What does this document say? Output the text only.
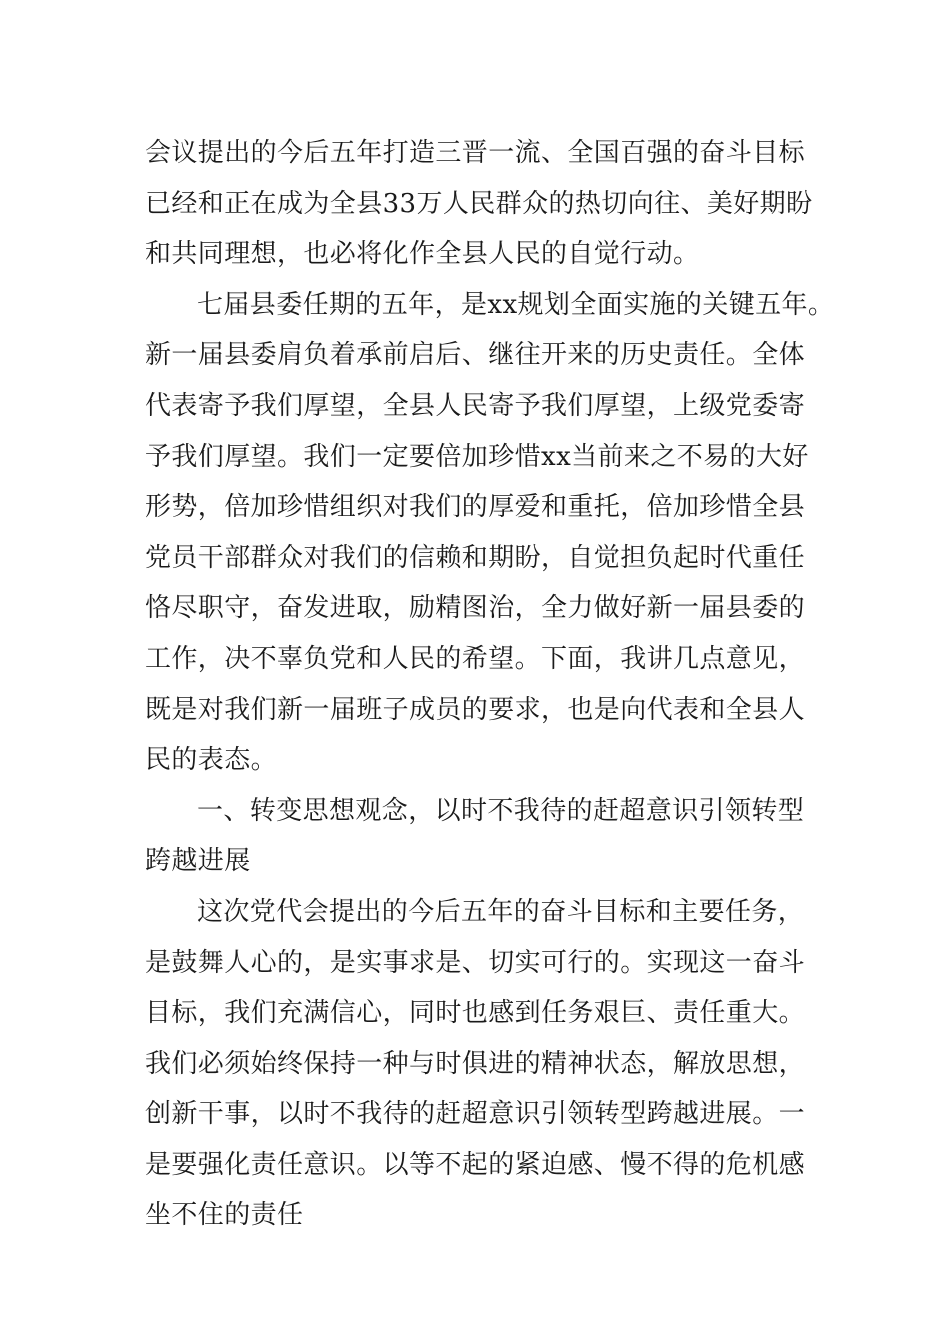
会议提出的今后五年打造三晋一流、全国百强的奋斗目标
已经和正在成为全县33万人民群众的热切向往、美好期盼
和共同理想，也必将化作全县人民的自觉行动。
七届县委任期的五年，是xx规划全面实施的关键五年。
新一届县委肩负着承前启后、继往开来的历史责任。全体
代表寄予我们厚望，全县人民寄予我们厚望，上级党委寄
予我们厚望。我们一定要倍加珍惜xx当前来之不易的大好
形势，倍加珍惜组织对我们的厚爱和重托，倍加珍惜全县
党员干部群众对我们的信赖和期盼，自觉担负起时代重任
恪尽职守，奋发进取，励精图治，全力做好新一届县委的
工作，决不辜负党和人民的希望。下面，我讲几点意见，
既是对我们新一届班子成员的要求，也是向代表和全县人
民的表态。
一、转变思想观念，以时不我待的赶超意识引领转型
跨越进展
这次党代会提出的今后五年的奋斗目标和主要任务，
是鼓舞人心的，是实事求是、切实可行的。实现这一奋斗
目标，我们充满信心，同时也感到任务艰巨、责任重大。
我们必须始终保持一种与时俱进的精神状态，解放思想，
创新干事，以时不我待的赶超意识引领转型跨越进展。一
是要强化责任意识。以等不起的紧迫感、慢不得的危机感
坐不住的责任
